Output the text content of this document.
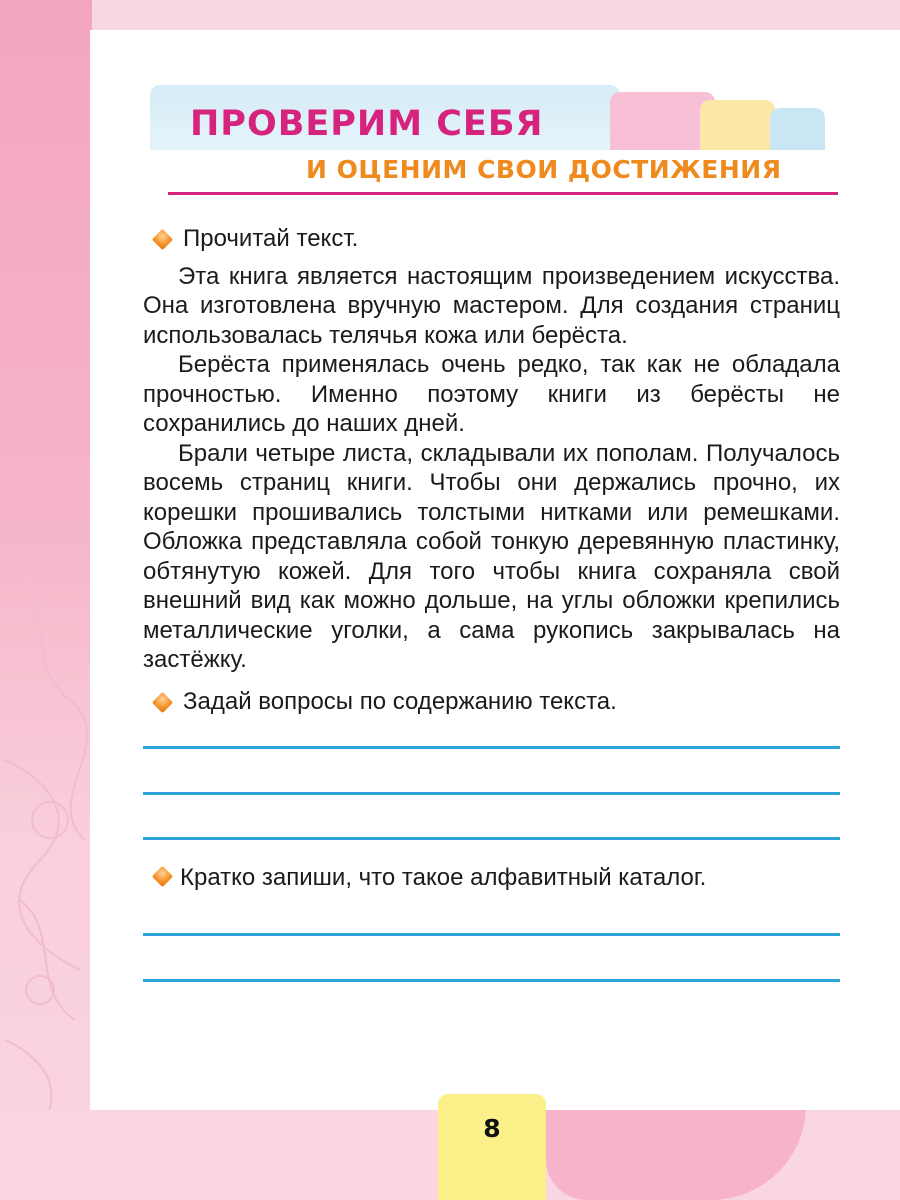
ПРОВЕРИМ СЕБЯ
И ОЦЕНИМ СВОИ ДОСТИЖЕНИЯ

Прочитай текст.

Эта книга является настоящим произведением искусства. Она изготовлена вручную мастером. Для создания страниц использовалась телячья кожа или берёста.

Берёста применялась очень редко, так как не обладала прочностью. Именно поэтому книги из берёсты не сохранились до наших дней.

Брали четыре листа, складывали их пополам. Получалось восемь страниц книги. Чтобы они держались прочно, их корешки прошивались толстыми нитками или ремешками. Обложка представляла собой тонкую деревянную пластинку, обтянутую кожей. Для того чтобы книга сохраняла свой внешний вид как можно дольше, на углы обложки крепились металлические уголки, а сама рукопись закрывалась на застёжку.

Задай вопросы по содержанию текста.

Кратко запиши, что такое алфавитный каталог.

8
